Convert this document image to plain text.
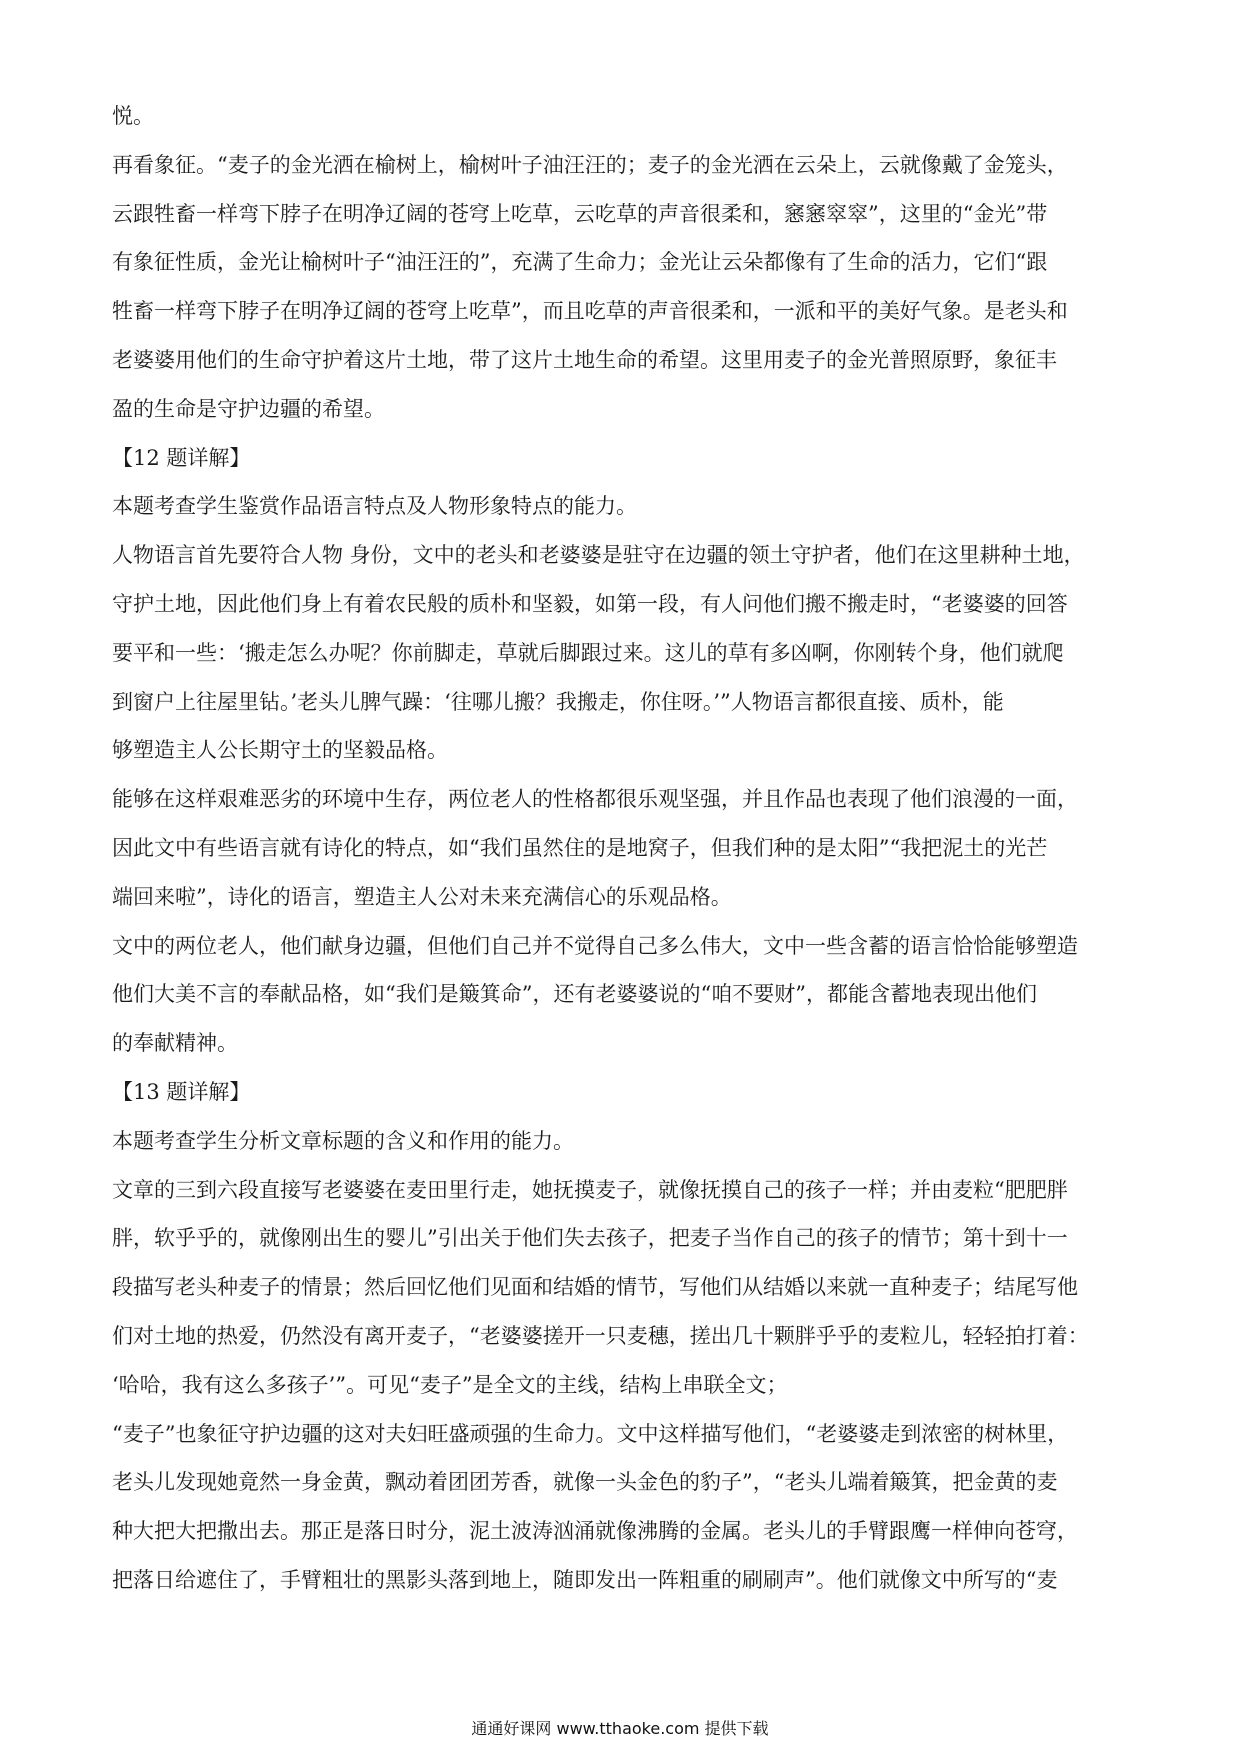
悦。
再看象征。“麦子的金光洒在榆树上，榆树叶子油汪汪的；麦子的金光洒在云朵上，云就像戴了金笼头，
云跟牲畜一样弯下脖子在明净辽阔的苍穹上吃草，云吃草的声音很柔和，窸窸窣窣”，这里的“金光”带
有象征性质，金光让榆树叶子“油汪汪的”，充满了生命力；金光让云朵都像有了生命的活力，它们“跟
牲畜一样弯下脖子在明净辽阔的苍穹上吃草”，而且吃草的声音很柔和，一派和平的美好气象。是老头和
老婆婆用他们的生命守护着这片土地，带了这片土地生命的希望。这里用麦子的金光普照原野，象征丰
盈的生命是守护边疆的希望。
【12 题详解】
本题考查学生鉴赏作品语言特点及人物形象特点的能力。
人物语言首先要符合人物 身份，文中的老头和老婆婆是驻守在边疆的领土守护者，他们在这里耕种土地，
守护土地，因此他们身上有着农民般的质朴和坚毅，如第一段，有人问他们搬不搬走时，“老婆婆的回答
要平和一些：‘搬走怎么办呢？你前脚走，草就后脚跟过来。这儿的草有多凶啊，你刚转个身，他们就爬
到窗户上往屋里钻。’老头儿脾气躁：‘往哪儿搬？我搬走，你住呀。’”人物语言都很直接、质朴，能
够塑造主人公长期守土的坚毅品格。
能够在这样艰难恶劣的环境中生存，两位老人的性格都很乐观坚强，并且作品也表现了他们浪漫的一面，
因此文中有些语言就有诗化的特点，如“我们虽然住的是地窝子，但我们种的是太阳”“我把泥土的光芒
端回来啦”，诗化的语言，塑造主人公对未来充满信心的乐观品格。
文中的两位老人，他们献身边疆，但他们自己并不觉得自己多么伟大，文中一些含蓄的语言恰恰能够塑造
他们大美不言的奉献品格，如“我们是簸箕命”，还有老婆婆说的“咱不要财”，都能含蓄地表现出他们
的奉献精神。
【13 题详解】
本题考查学生分析文章标题的含义和作用的能力。
文章的三到六段直接写老婆婆在麦田里行走，她抚摸麦子，就像抚摸自己的孩子一样；并由麦粒“肥肥胖
胖，软乎乎的，就像刚出生的婴儿”引出关于他们失去孩子，把麦子当作自己的孩子的情节；第十到十一
段描写老头种麦子的情景；然后回忆他们见面和结婚的情节，写他们从结婚以来就一直种麦子；结尾写他
们对土地的热爱，仍然没有离开麦子，“老婆婆搓开一只麦穗，搓出几十颗胖乎乎的麦粒儿，轻轻拍打着：
‘哈哈，我有这么多孩子’”。可见“麦子”是全文的主线，结构上串联全文；
“麦子”也象征守护边疆的这对夫妇旺盛顽强的生命力。文中这样描写他们，“老婆婆走到浓密的树林里，
老头儿发现她竟然一身金黄，飘动着团团芳香，就像一头金色的豹子”，“老头儿端着簸箕，把金黄的麦
种大把大把撒出去。那正是落日时分，泥土波涛汹涌就像沸腾的金属。老头儿的手臂跟鹰一样伸向苍穹，
把落日给遮住了，手臂粗壮的黑影头落到地上，随即发出一阵粗重的刷刷声”。他们就像文中所写的“麦
通通好课网 www.tthaoke.com 提供下载
